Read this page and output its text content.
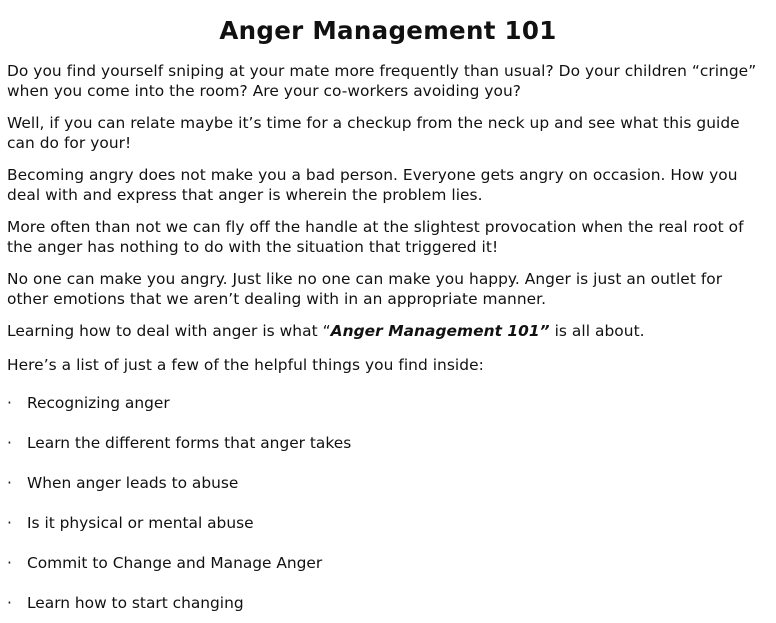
Anger Management 101

Do you find yourself sniping at your mate more frequently than usual? Do your children “cringe” when you come into the room? Are your co-workers avoiding you?

Well, if you can relate maybe it’s time for a checkup from the neck up and see what this guide can do for your!

Becoming angry does not make you a bad person. Everyone gets angry on occasion. How you deal with and express that anger is wherein the problem lies.

More often than not we can fly off the handle at the slightest provocation when the real root of the anger has nothing to do with the situation that triggered it!

No one can make you angry. Just like no one can make you happy. Anger is just an outlet for other emotions that we aren’t dealing with in an appropriate manner.

Learning how to deal with anger is what “Anger Management 101” is all about.

Here’s a list of just a few of the helpful things you find inside:

· Recognizing anger
· Learn the different forms that anger takes
· When anger leads to abuse
· Is it physical or mental abuse
· Commit to Change and Manage Anger
· Learn how to start changing
